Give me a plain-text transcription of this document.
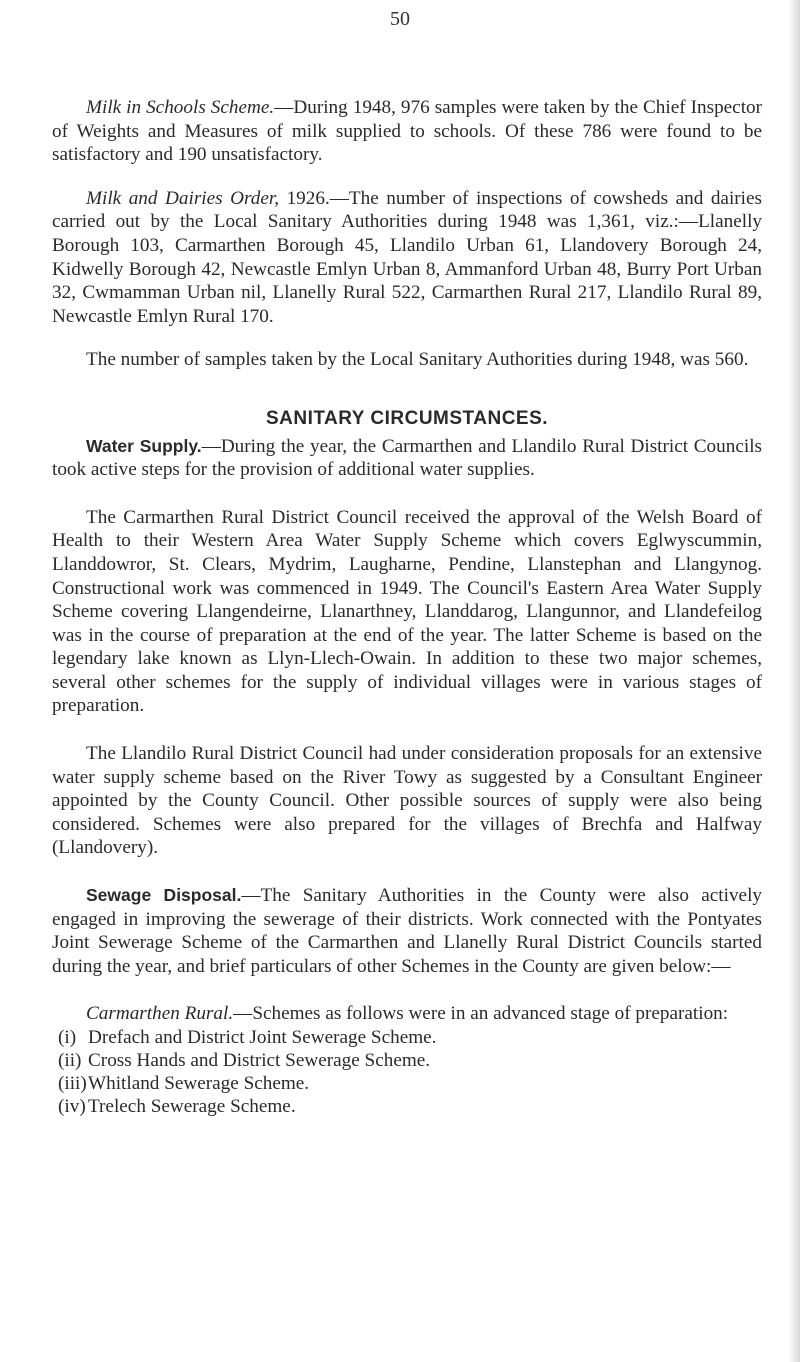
50

Milk in Schools Scheme.—During 1948, 976 samples were taken by the Chief Inspector of Weights and Measures of milk supplied to schools. Of these 786 were found to be satisfactory and 190 unsatisfactory.

Milk and Dairies Order, 1926.—The number of inspections of cowsheds and dairies carried out by the Local Sanitary Authorities during 1948 was 1,361, viz.:—Llanelly Borough 103, Carmarthen Borough 45, Llandilo Urban 61, Llandovery Borough 24, Kidwelly Borough 42, Newcastle Emlyn Urban 8, Ammanford Urban 48, Burry Port Urban 32, Cwmamman Urban nil, Llanelly Rural 522, Carmarthen Rural 217, Llandilo Rural 89, Newcastle Emlyn Rural 170.

The number of samples taken by the Local Sanitary Authorities during 1948, was 560.

SANITARY CIRCUMSTANCES.

Water Supply.—During the year, the Carmarthen and Llandilo Rural District Councils took active steps for the provision of additional water supplies.

The Carmarthen Rural District Council received the approval of the Welsh Board of Health to their Western Area Water Supply Scheme which covers Eglwyscummin, Llanddowror, St. Clears, Mydrim, Laugharne, Pendine, Llanstephan and Llangynog. Constructional work was commenced in 1949. The Council's Eastern Area Water Supply Scheme covering Llangendeirne, Llanarthney, Llanddarog, Llangunnor, and Llandefeilog was in the course of preparation at the end of the year. The latter Scheme is based on the legendary lake known as Llyn-Llech-Owain. In addition to these two major schemes, several other schemes for the supply of individual villages were in various stages of preparation.

The Llandilo Rural District Council had under consideration proposals for an extensive water supply scheme based on the River Towy as suggested by a Consultant Engineer appointed by the County Council. Other possible sources of supply were also being considered. Schemes were also prepared for the villages of Brechfa and Halfway (Llandovery).

Sewage Disposal.—The Sanitary Authorities in the County were also actively engaged in improving the sewerage of their districts. Work connected with the Pontyates Joint Sewerage Scheme of the Carmarthen and Llanelly Rural District Councils started during the year, and brief particulars of other Schemes in the County are given below:—

Carmarthen Rural.—Schemes as follows were in an advanced stage of preparation:

(i) Drefach and District Joint Sewerage Scheme.
(ii) Cross Hands and District Sewerage Scheme.
(iii)Whitland Sewerage Scheme.
(iv) Trelech Sewerage Scheme.
